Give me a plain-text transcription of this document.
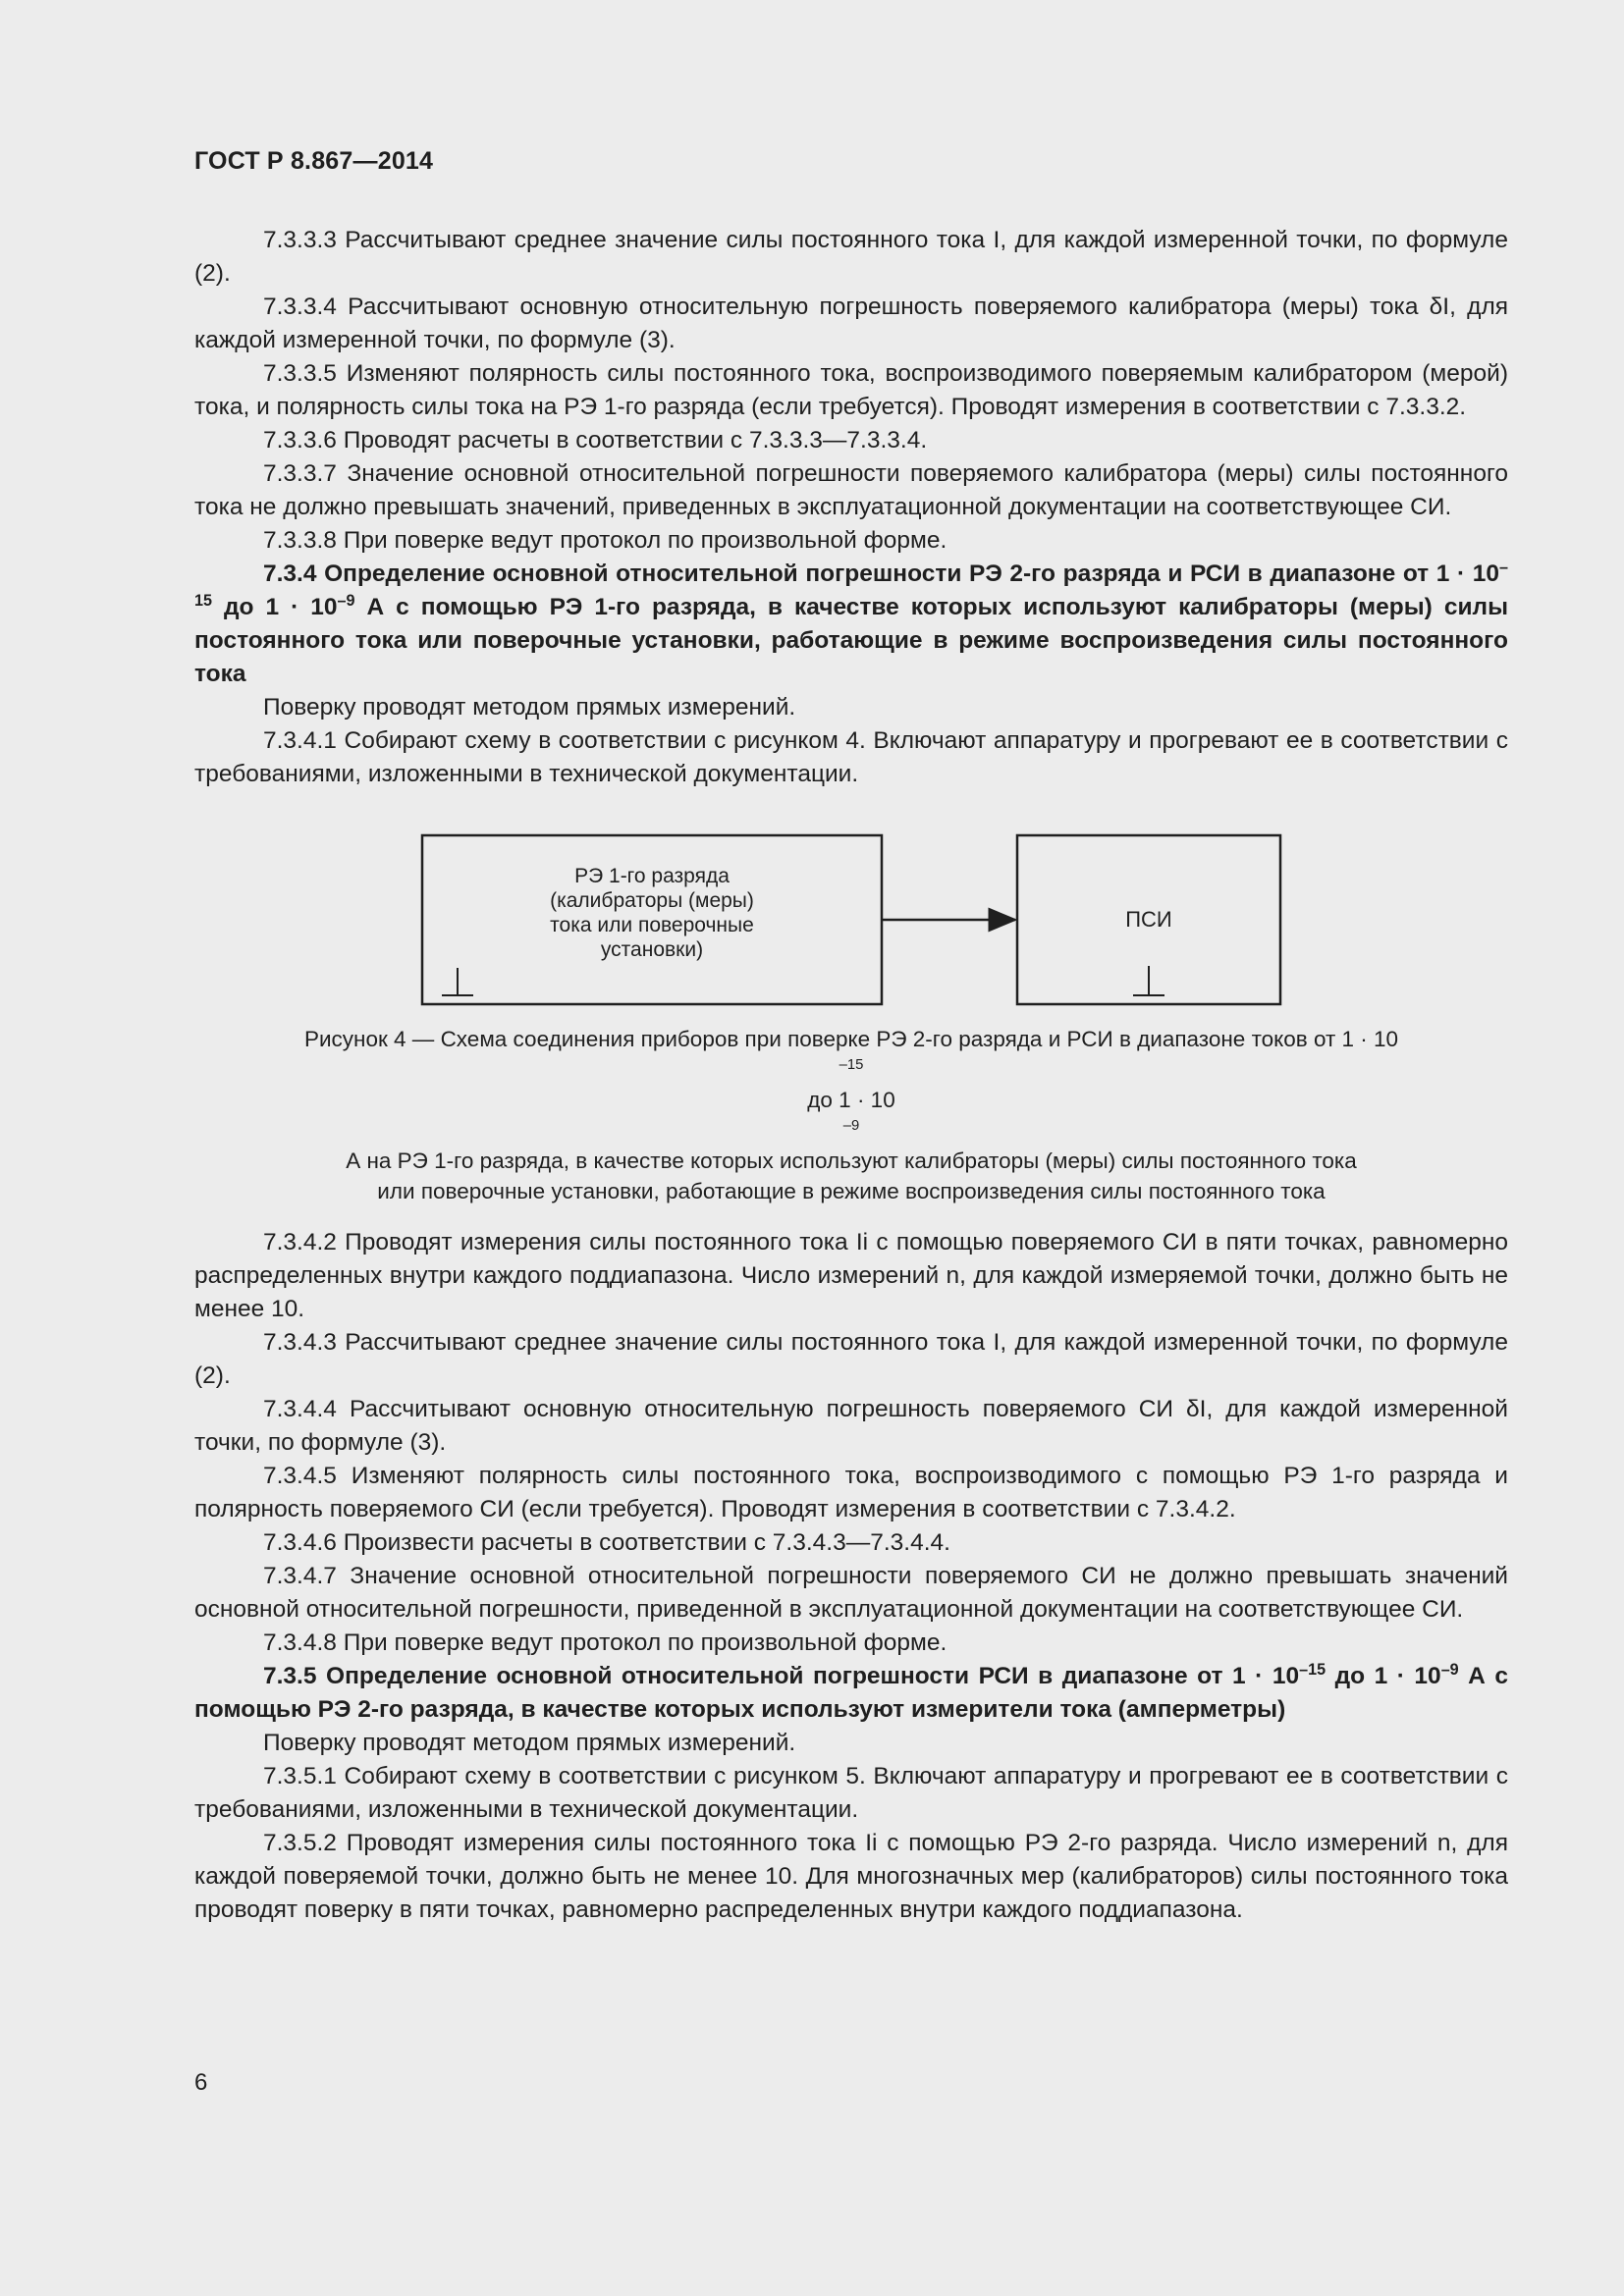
ГОСТ Р 8.867—2014

7.3.3.3 Рассчитывают среднее значение силы постоянного тока I, для каждой измеренной точки, по формуле (2).

7.3.3.4 Рассчитывают основную относительную погрешность поверяемого калибратора (меры) тока δI, для каждой измеренной точки, по формуле (3).

7.3.3.5 Изменяют полярность силы постоянного тока, воспроизводимого поверяемым калибратором (мерой) тока, и полярность силы тока на РЭ 1-го разряда (если требуется). Проводят измерения в соответствии с 7.3.3.2.

7.3.3.6 Проводят расчеты в соответствии с 7.3.3.3—7.3.3.4.

7.3.3.7 Значение основной относительной погрешности поверяемого калибратора (меры) силы постоянного тока не должно превышать значений, приведенных в эксплуатационной документации на соответствующее СИ.

7.3.3.8 При поверке ведут протокол по произвольной форме.

7.3.4 Определение основной относительной погрешности РЭ 2-го разряда и РСИ в диапазоне от $1 \cdot 10^{-15}$ до $1 \cdot 10^{-9}$ А с помощью РЭ 1-го разряда, в качестве которых используют калибраторы (меры) силы постоянного тока или поверочные установки, работающие в режиме воспроизведения силы постоянного тока

Поверку проводят методом прямых измерений.

7.3.4.1 Собирают схему в соответствии с рисунком 4. Включают аппаратуру и прогревают ее в соответствии с требованиями, изложенными в технической документации.

РЭ 1-го разряда
(калибраторы (меры)
тока или поверочные
установки)
ПСИ
Рисунок 4 — Схема соединения приборов при поверке РЭ 2-го разряда и РСИ в диапазоне токов от 1 · 10
$^{-15}$
до 1 · 10
$^{-9}$
А на РЭ 1-го разряда, в качестве которых используют калибраторы (меры) силы постоянного тока
или поверочные установки, работающие в режиме воспроизведения силы постоянного тока

7.3.4.2 Проводят измерения силы постоянного тока Ii с помощью поверяемого СИ в пяти точках, равномерно распределенных внутри каждого поддиапазона. Число измерений n, для каждой измеряемой точки, должно быть не менее 10.

7.3.4.3 Рассчитывают среднее значение силы постоянного тока I, для каждой измеренной точки, по формуле (2).

7.3.4.4 Рассчитывают основную относительную погрешность поверяемого СИ δI, для каждой измеренной точки, по формуле (3).

7.3.4.5 Изменяют полярность силы постоянного тока, воспроизводимого с помощью РЭ 1-го разряда и полярность поверяемого СИ (если требуется). Проводят измерения в соответствии с 7.3.4.2.

7.3.4.6 Произвести расчеты в соответствии с 7.3.4.3—7.3.4.4.

7.3.4.7 Значение основной относительной погрешности поверяемого СИ не должно превышать значений основной относительной погрешности, приведенной в эксплуатационной документации на соответствующее СИ.

7.3.4.8 При поверке ведут протокол по произвольной форме.

7.3.5 Определение основной относительной погрешности РСИ в диапазоне от $1 \cdot 10^{-15}$ до $1 \cdot 10^{-9}$ А с помощью РЭ 2-го разряда, в качестве которых используют измерители тока (амперметры)

Поверку проводят методом прямых измерений.

7.3.5.1 Собирают схему в соответствии с рисунком 5. Включают аппаратуру и прогревают ее в соответствии с требованиями, изложенными в технической документации.

7.3.5.2 Проводят измерения силы постоянного тока Ii с помощью РЭ 2-го разряда. Число измерений n, для каждой поверяемой точки, должно быть не менее 10. Для многозначных мер (калибраторов) силы постоянного тока проводят поверку в пяти точках, равномерно распределенных внутри каждого поддиапазона.

6
